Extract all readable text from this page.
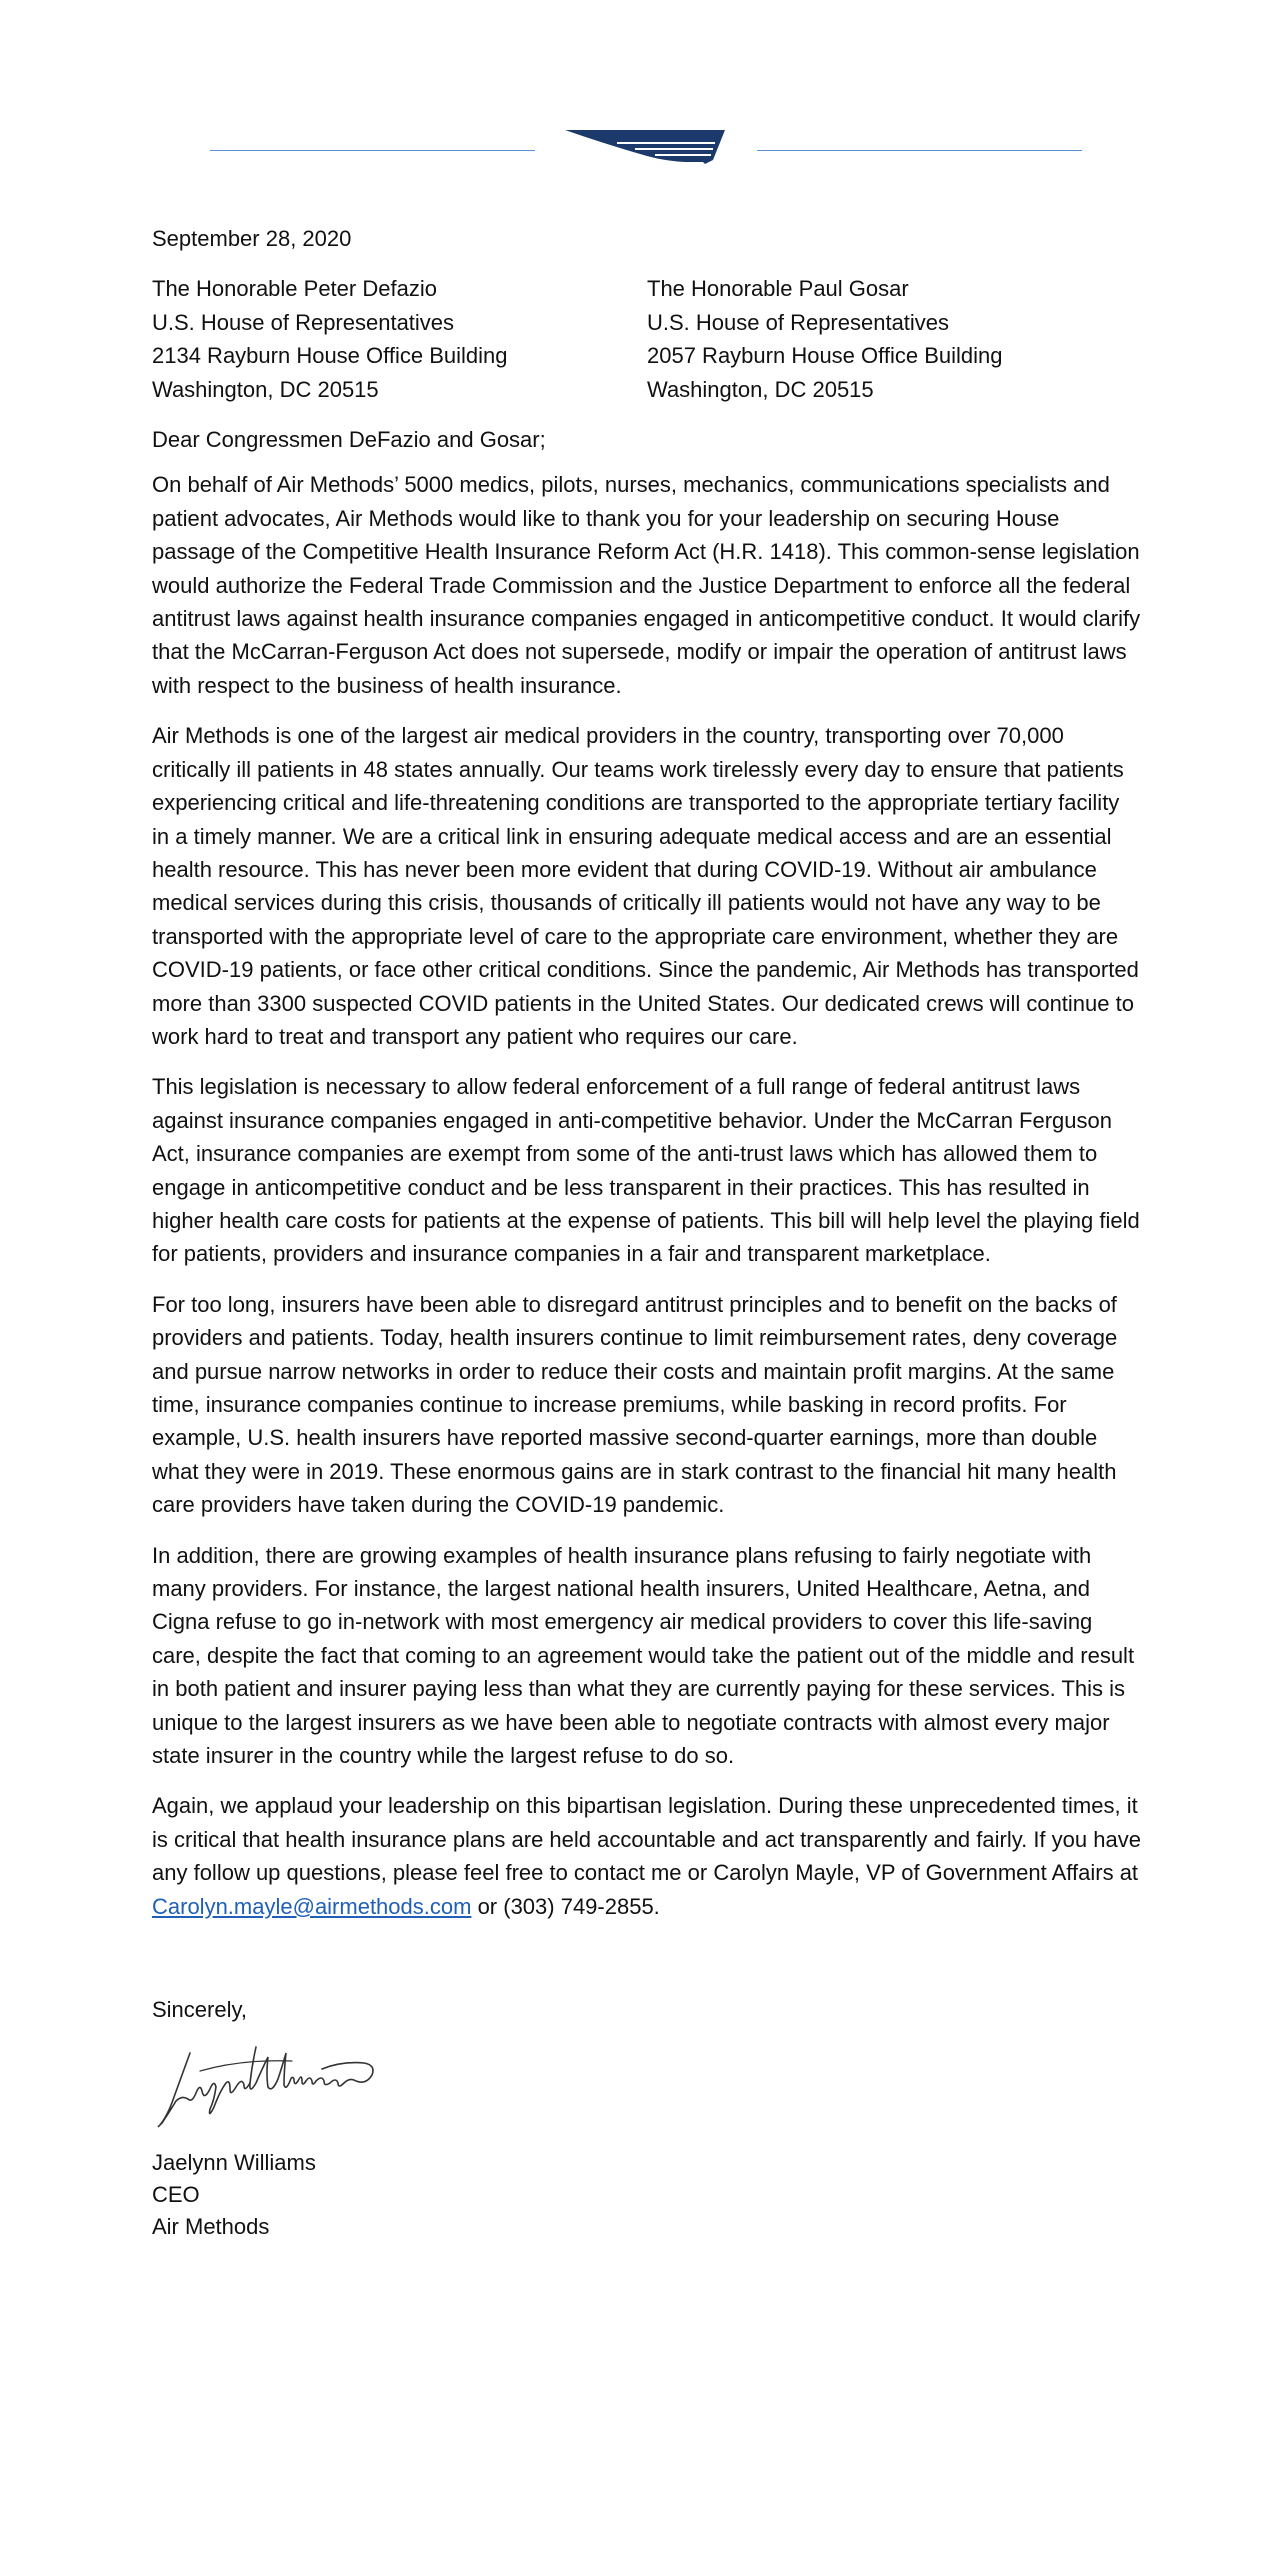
September 28, 2020
The Honorable Peter Defazio
U.S. House of Representatives
2134 Rayburn House Office Building
Washington, DC 20515
The Honorable Paul Gosar
U.S. House of Representatives
2057 Rayburn House Office Building
Washington, DC 20515

Dear Congressmen DeFazio and Gosar;

On behalf of Air Methods’ 5000 medics, pilots, nurses, mechanics, communications specialists and patient advocates, Air Methods would like to thank you for your leadership on securing House passage of the Competitive Health Insurance Reform Act (H.R. 1418). This common-sense legislation would authorize the Federal Trade Commission and the Justice Department to enforce all the federal antitrust laws against health insurance companies engaged in anticompetitive conduct. It would clarify that the McCarran-Ferguson Act does not supersede, modify or impair the operation of antitrust laws with respect to the business of health insurance.

Air Methods is one of the largest air medical providers in the country, transporting over 70,000 critically ill patients in 48 states annually. Our teams work tirelessly every day to ensure that patients experiencing critical and life-threatening conditions are transported to the appropriate tertiary facility in a timely manner. We are a critical link in ensuring adequate medical access and are an essential health resource. This has never been more evident that during COVID-19. Without air ambulance medical services during this crisis, thousands of critically ill patients would not have any way to be transported with the appropriate level of care to the appropriate care environment, whether they are COVID-19 patients, or face other critical conditions. Since the pandemic, Air Methods has transported more than 3300 suspected COVID patients in the United States. Our dedicated crews will continue to work hard to treat and transport any patient who requires our care.

This legislation is necessary to allow federal enforcement of a full range of federal antitrust laws against insurance companies engaged in anti-competitive behavior. Under the McCarran Ferguson Act, insurance companies are exempt from some of the anti-trust laws which has allowed them to engage in anticompetitive conduct and be less transparent in their practices. This has resulted in higher health care costs for patients at the expense of patients. This bill will help level the playing field for patients, providers and insurance companies in a fair and transparent marketplace.

For too long, insurers have been able to disregard antitrust principles and to benefit on the backs of providers and patients. Today, health insurers continue to limit reimbursement rates, deny coverage and pursue narrow networks in order to reduce their costs and maintain profit margins. At the same time, insurance companies continue to increase premiums, while basking in record profits. For example, U.S. health insurers have reported massive second-quarter earnings, more than double what they were in 2019. These enormous gains are in stark contrast to the financial hit many health care providers have taken during the COVID-19 pandemic.

In addition, there are growing examples of health insurance plans refusing to fairly negotiate with many providers. For instance, the largest national health insurers, United Healthcare, Aetna, and Cigna refuse to go in-network with most emergency air medical providers to cover this life-saving care, despite the fact that coming to an agreement would take the patient out of the middle and result in both patient and insurer paying less than what they are currently paying for these services. This is unique to the largest insurers as we have been able to negotiate contracts with almost every major state insurer in the country while the largest refuse to do so.

Again, we applaud your leadership on this bipartisan legislation. During these unprecedented times, it is critical that health insurance plans are held accountable and act transparently and fairly. If you have any follow up questions, please feel free to contact me or Carolyn Mayle, VP of Government Affairs at Carolyn.mayle@airmethods.com or (303) 749-2855.

Sincerely,
Jaelynn Williams
CEO
Air Methods
